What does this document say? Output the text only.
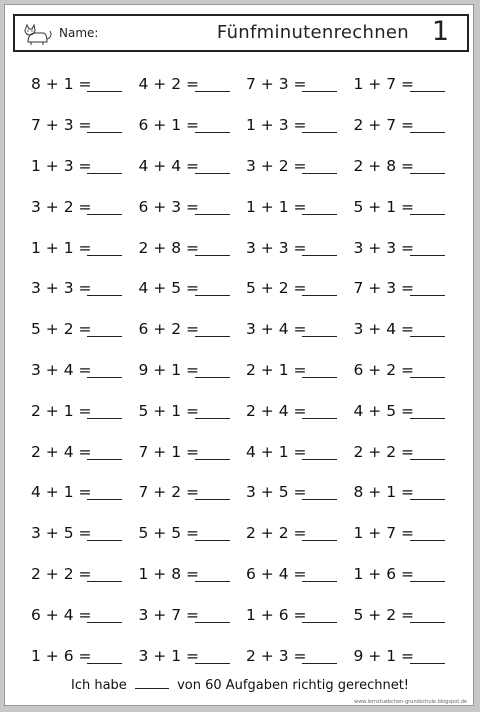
Name:	Fünfminutenrechnen 1
8 + 1 =	4 + 2 =	7 + 3 =	1 + 7 =
7 + 3 =	6 + 1 =	1 + 3 =	2 + 7 =
1 + 3 =	4 + 4 =	3 + 2 =	2 + 8 =
3 + 2 =	6 + 3 =	1 + 1 =	5 + 1 =
1 + 1 =	2 + 8 =	3 + 3 =	3 + 3 =
3 + 3 =	4 + 5 =	5 + 2 =	7 + 3 =
5 + 2 =	6 + 2 =	3 + 4 =	3 + 4 =
3 + 4 =	9 + 1 =	2 + 1 =	6 + 2 =
2 + 1 =	5 + 1 =	2 + 4 =	4 + 5 =
2 + 4 =	7 + 1 =	4 + 1 =	2 + 2 =
4 + 1 =	7 + 2 =	3 + 5 =	8 + 1 =
3 + 5 =	5 + 5 =	2 + 2 =	1 + 7 =
2 + 2 =	1 + 8 =	6 + 4 =	1 + 6 =
6 + 4 =	3 + 7 =	1 + 6 =	5 + 2 =
1 + 6 =	3 + 1 =	2 + 3 =	9 + 1 =
Ich habe	von 60 Aufgaben richtig gerechnet!
www.lernstuebchen-grundschule.blogspot.de
